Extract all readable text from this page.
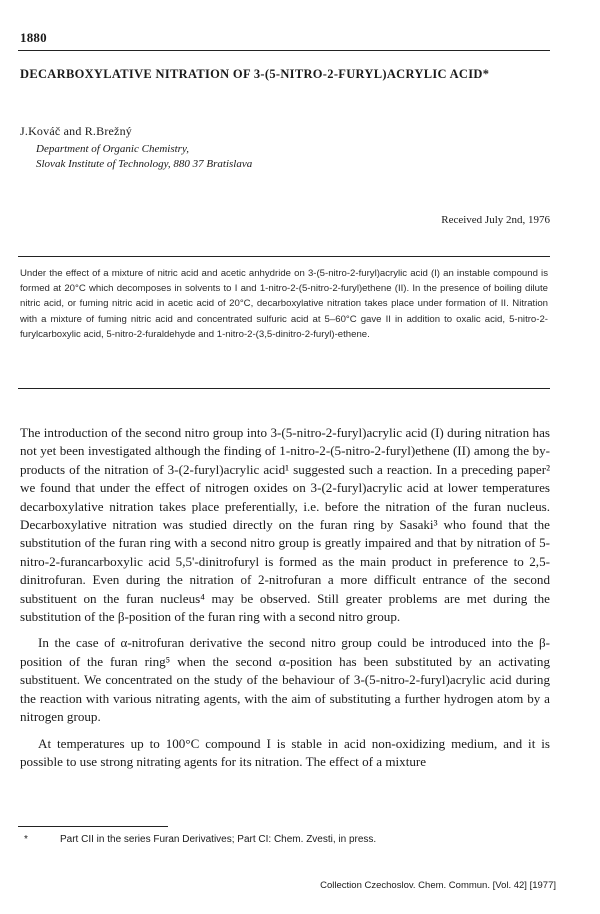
1880
DECARBOXYLATIVE NITRATION OF 3-(5-NITRO-2-FURYL)ACRYLIC ACID*
J.Kováč and R.Brežný
Department of Organic Chemistry,
Slovak Institute of Technology, 880 37 Bratislava
Received July 2nd, 1976
Under the effect of a mixture of nitric acid and acetic anhydride on 3-(5-nitro-2-furyl)acrylic acid (I) an instable compound is formed at 20°C which decomposes in solvents to I and 1-nitro-2-(5-nitro-2-furyl)ethene (II). In the presence of boiling dilute nitric acid, or fuming nitric acid in acetic acid of 20°C, decarboxylative nitration takes place under formation of II. Nitration with a mixture of fuming nitric acid and concentrated sulfuric acid at 5–60°C gave II in addition to oxalic acid, 5-nitro-2-furylcarboxylic acid, 5-nitro-2-furaldehyde and 1-nitro-2-(3,5-dinitro-2-furyl)-ethene.

The introduction of the second nitro group into 3-(5-nitro-2-furyl)acrylic acid (I) during nitration has not yet been investigated although the finding of 1-nitro-2-(5-nitro-2-furyl)ethene (II) among the by-products of the nitration of 3-(2-furyl)acrylic acid¹ suggested such a reaction. In a preceding paper² we found that under the effect of nitrogen oxides on 3-(2-furyl)acrylic acid at lower temperatures decarboxylative nitration takes place preferentially, i.e. before the nitration of the furan nucleus. Decarboxylative nitration was studied directly on the furan ring by Sasaki³ who found that the substitution of the furan ring with a second nitro group is greatly impaired and that by nitration of 5-nitro-2-furancarboxylic acid 5,5'-dinitrofuryl is formed as the main product in preference to 2,5-dinitrofuran. Even during the nitration of 2-nitrofuran a more difficult entrance of the second substituent on the furan nucleus⁴ may be observed. Still greater problems are met during the substitution of the β-position of the furan ring with a second nitro group.

In the case of α-nitrofuran derivative the second nitro group could be introduced into the β-position of the furan ring⁵ when the second α-position has been substituted by an activating substituent. We concentrated on the study of the behaviour of 3-(5-nitro-2-furyl)acrylic acid during the reaction with various nitrating agents, with the aim of substituting a further hydrogen atom by a nitrogen group.

At temperatures up to 100°C compound I is stable in acid non-oxidizing medium, and it is possible to use strong nitrating agents for its nitration. The effect of a mixture

*	Part CII in the series Furan Derivatives; Part CI: Chem. Zvesti, in press.
Collection Czechoslov. Chem. Commun. [Vol. 42] [1977]
